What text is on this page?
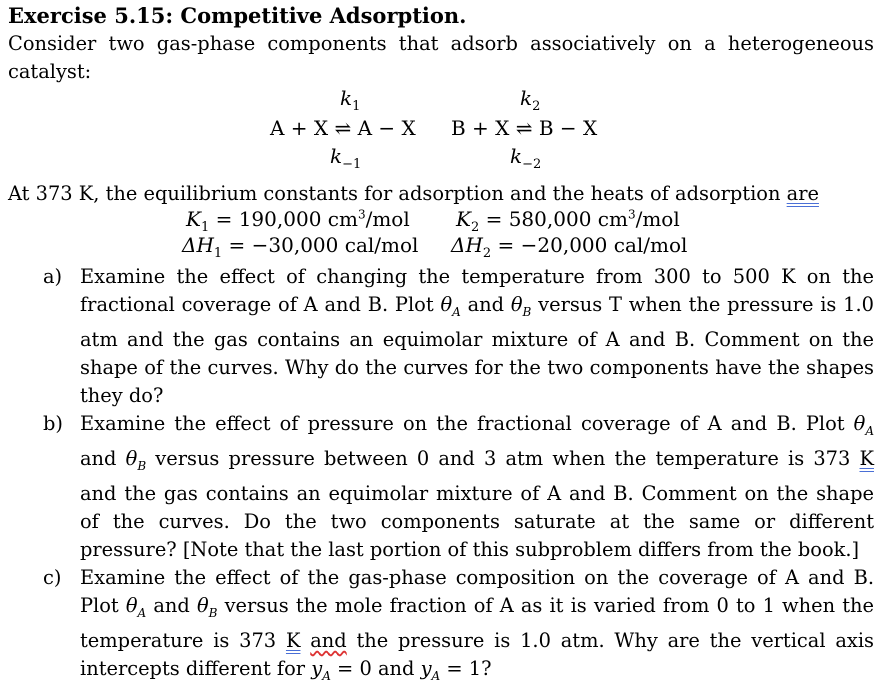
Exercise 5.15: Competitive Adsorption.

Consider two gas-phase components that adsorb associatively on a heterogeneous catalyst:

$k_1$	$k_2$
A + X ⇌ A − X B + X ⇌ B − X
$k_{-1}$	$k_{-2}$

At 373 K, the equilibrium constants for adsorption and the heats of adsorption are

$K_1 = 190,000$ $cm^3$/mol $K_2 = 580,000$ $cm^3$/mol
$\Delta H_1 = -30,000$ cal/mol $\Delta H_2 = -20,000$ cal/mol
a) Examine the effect of changing the temperature from 300 to 500 K on the fractional coverage of A and B. Plot $\theta_A$ and $\theta_B$ versus T when the pressure is 1.0 atm and the gas contains an equimolar mixture of A and B. Comment on the shape of the curves. Why do the curves for the two components have the shapes they do?
b) Examine the effect of pressure on the fractional coverage of A and B. Plot $\theta_A$ and $\theta_B$ versus pressure between 0 and 3 atm when the temperature is 373 K and the gas contains an equimolar mixture of A and B. Comment on the shape of the curves. Do the two components saturate at the same or different pressure? [Note that the last portion of this subproblem differs from the book.]
c) Examine the effect of the gas-phase composition on the coverage of A and B. Plot $\theta_A$ and $\theta_B$ versus the mole fraction of A as it is varied from 0 to 1 when the temperature is 373 K and the pressure is 1.0 atm. Why are the vertical axis intercepts different for $y_A = 0$ and $y_A = 1$?
